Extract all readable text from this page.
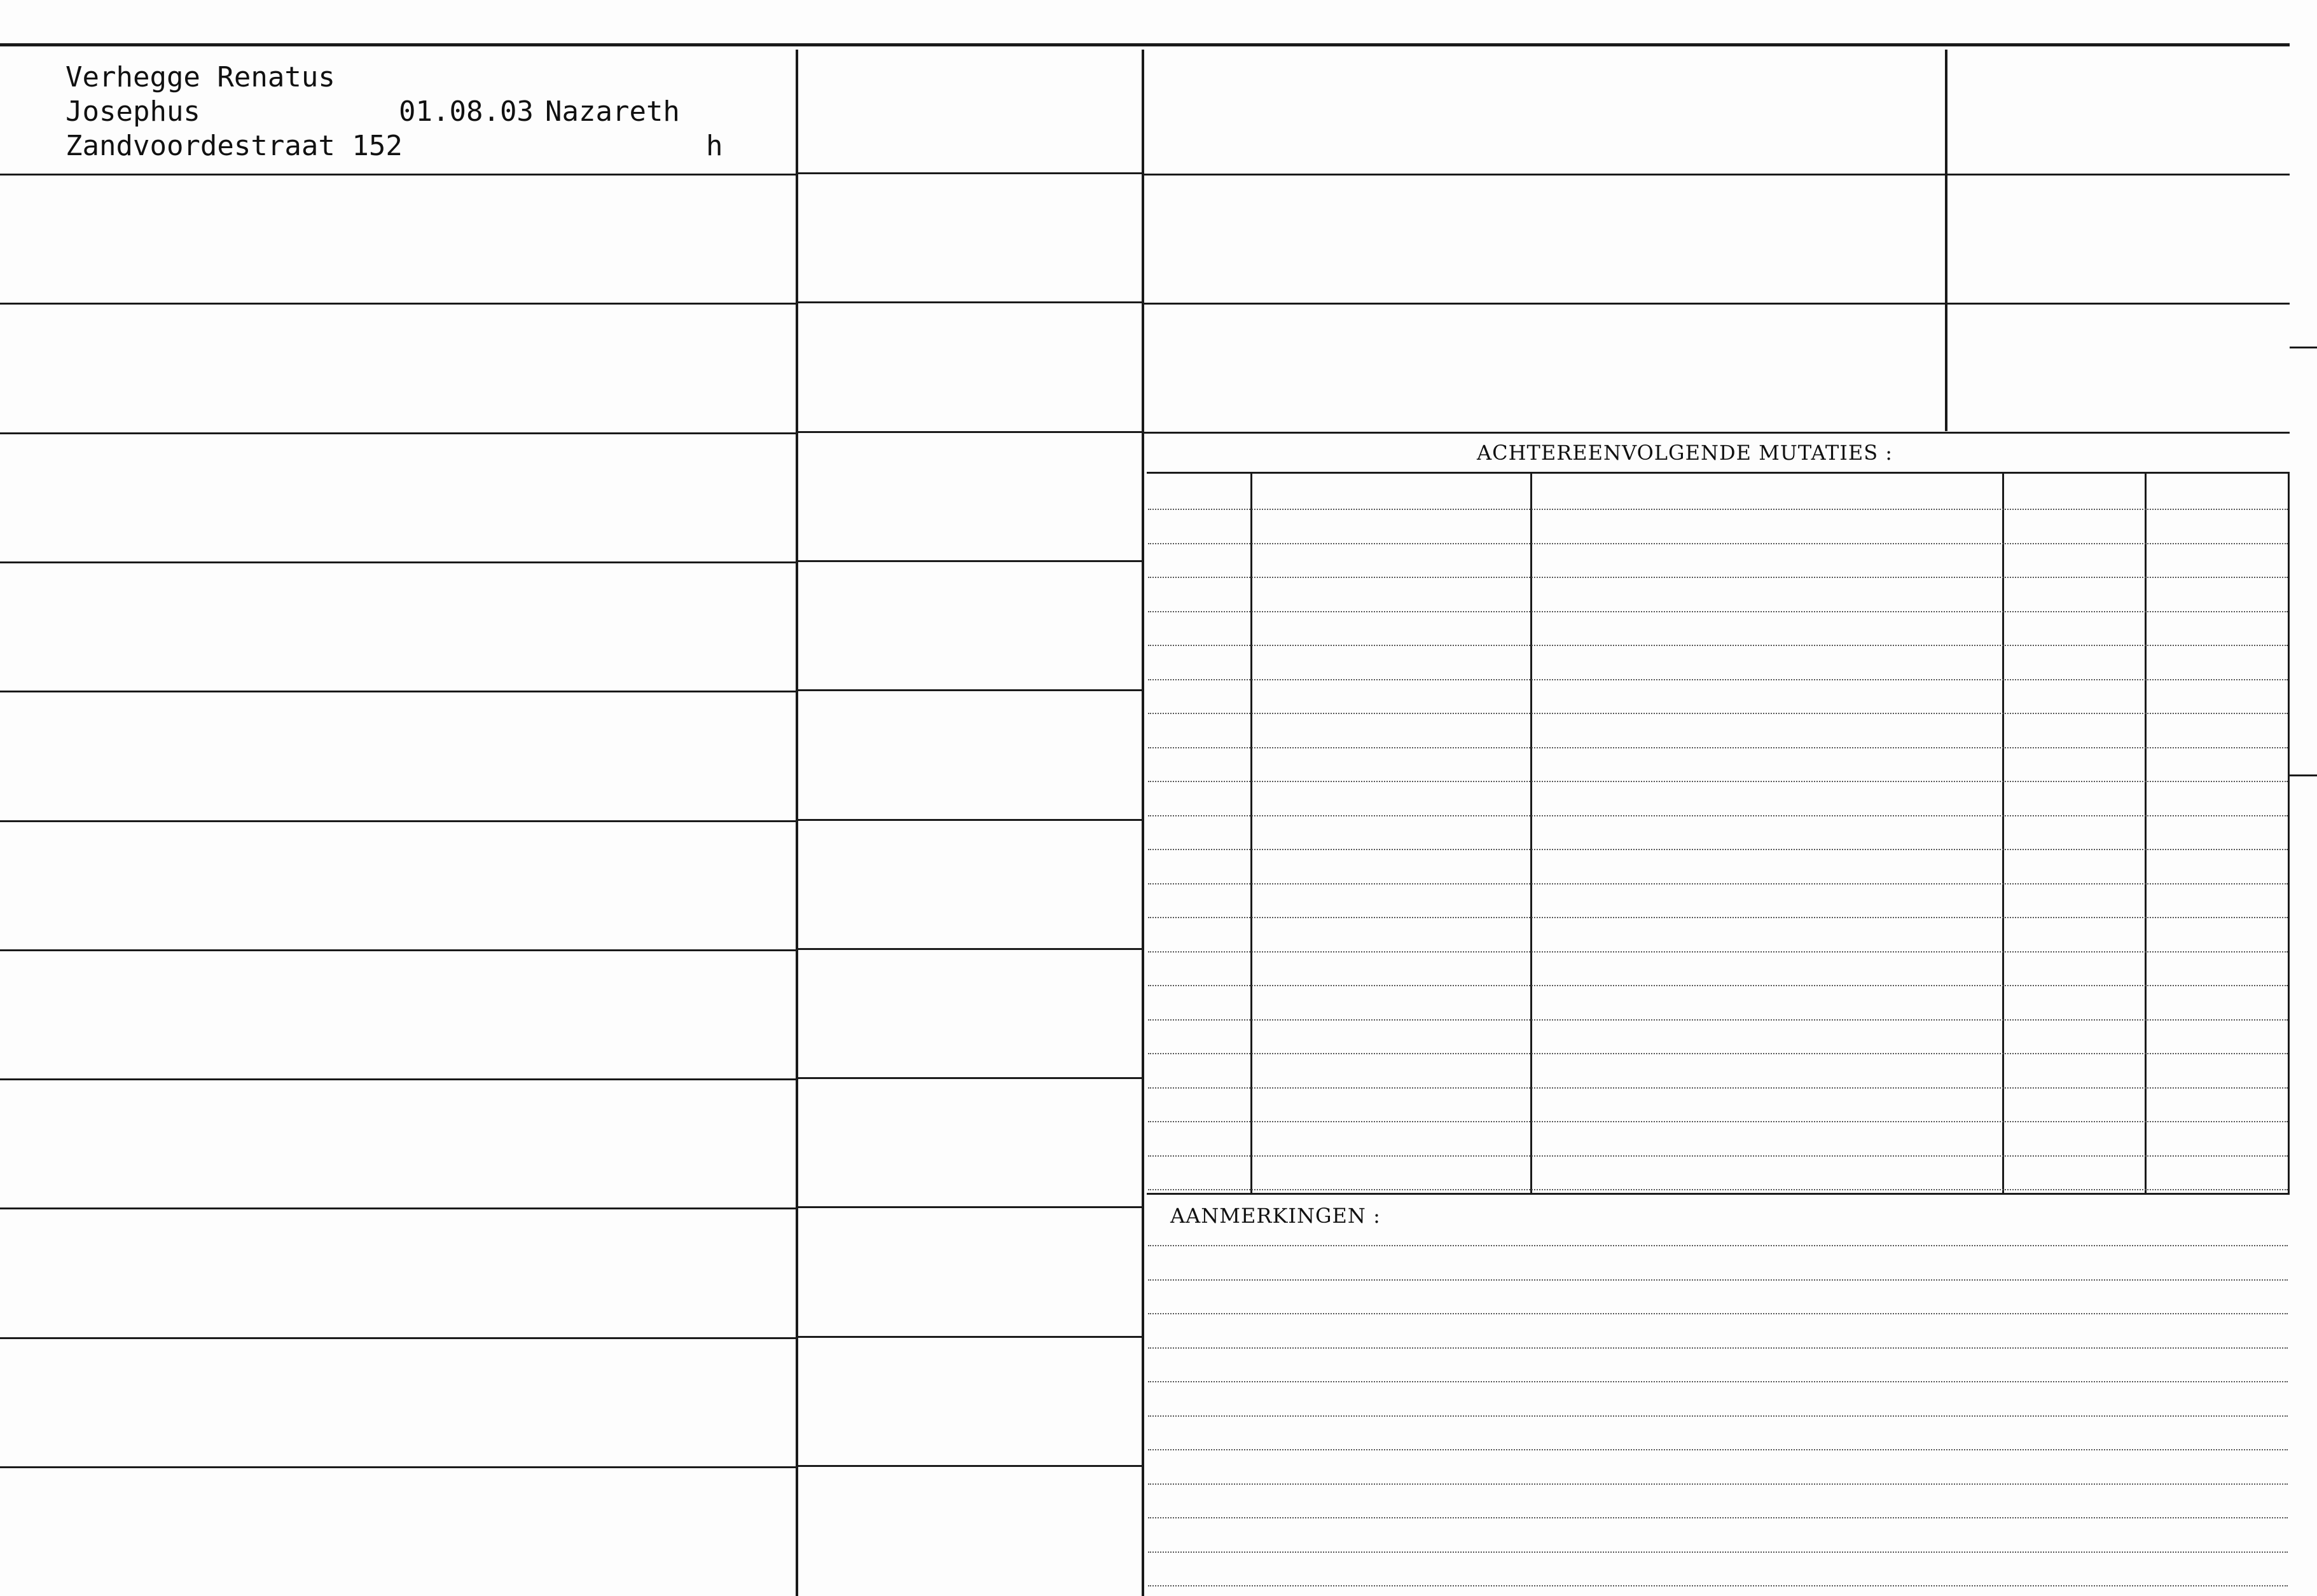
ACHTEREENVOLGENDE MUTATIES :
AANMERKINGEN :
Verhegge Renatus
Josephus	01.08.03 Nazareth
Zandvoordestraat 152	h
